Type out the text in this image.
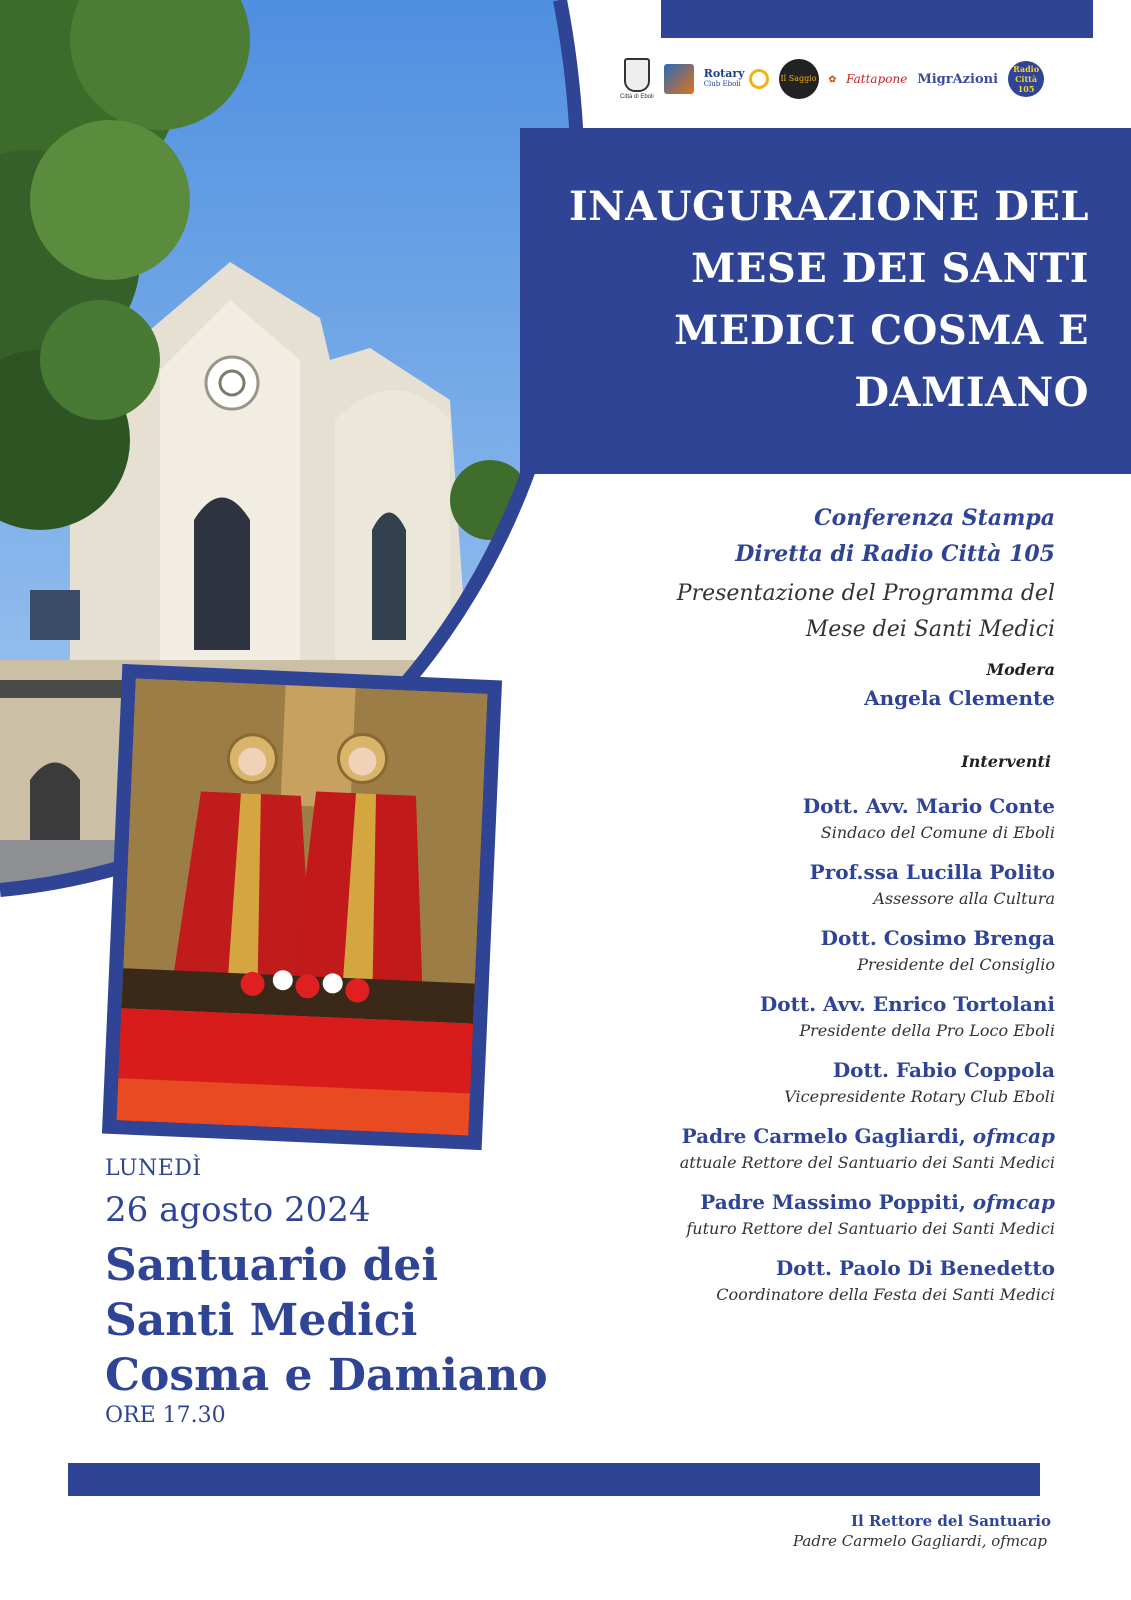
Città di Eboli
Rotary
Club Eboli
Il Saggio ✿ Fattapone MigrAzioni
Radio Città 105
INAUGURAZIONE DEL
MESE DEI SANTI
MEDICI COSMA E
DAMIANO
Conferenza Stampa
Diretta di Radio Città 105
Presentazione del Programma del
Mese dei Santi Medici
Modera
Angela Clemente
Interventi
Dott. Avv. Mario Conte
Sindaco del Comune di Eboli
Prof.ssa Lucilla Polito
Assessore alla Cultura
Dott. Cosimo Brenga
Presidente del Consiglio
Dott. Avv. Enrico Tortolani
Presidente della Pro Loco Eboli
Dott. Fabio Coppola
Vicepresidente Rotary Club Eboli
Padre Carmelo Gagliardi, ofmcap
attuale Rettore del Santuario dei Santi Medici
Padre Massimo Poppiti, ofmcap
futuro Rettore del Santuario dei Santi Medici
Dott. Paolo Di Benedetto
Coordinatore della Festa dei Santi Medici
LUNEDÌ
26 agosto 2024
Santuario dei
Santi Medici
Cosma e Damiano
ORE 17.30
Il Rettore del Santuario
Padre Carmelo Gagliardi, ofmcap
